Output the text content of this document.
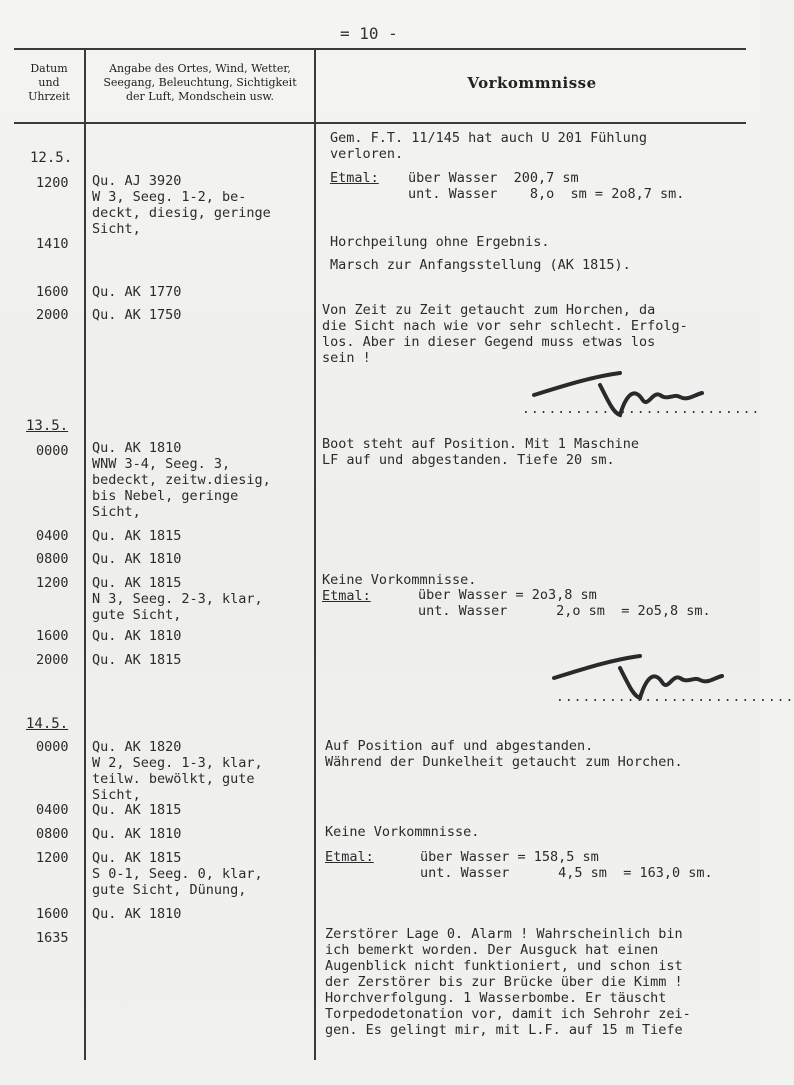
= 10 -
Datum
und
Uhrzeit
Angabe des Ortes, Wind, Wetter,
Seegang, Beleuchtung, Sichtigkeit
der Luft, Mondschein usw.
Vorkommnisse
12.5.
13.5.
14.5.
1200
1410
1600
2000
0000
0400
0800
1200
1600
2000
0000
0400
0800
1200
1600
1635
Qu. AJ 3920
W 3, Seeg. 1-2, be-
deckt, diesig, geringe
Sicht,
Qu. AK 1770
Qu. AK 1750
Qu. AK 1810
WNW 3-4, Seeg. 3,
bedeckt, zeitw.diesig,
bis Nebel, geringe
Sicht,
Qu. AK 1815
Qu. AK 1810
Qu. AK 1815
N 3, Seeg. 2-3, klar,
gute Sicht,
Qu. AK 1810
Qu. AK 1815
Qu. AK 1820
W 2, Seeg. 1-3, klar,
teilw. bewölkt, gute
Sicht,
Qu. AK 1815
Qu. AK 1810
Qu. AK 1815
S 0-1, Seeg. 0, klar,
gute Sicht, Dünung,
Qu. AK 1810
Gem. F.T. 11/145 hat auch U 201 Fühlung
verloren.
Etmal: über Wasser  200,7 sm
unt. Wasser    8,o  sm = 2o8,7 sm.
Horchpeilung ohne Ergebnis.
Marsch zur Anfangsstellung (AK 1815).
Von Zeit zu Zeit getaucht zum Horchen, da
die Sicht nach wie vor sehr schlecht. Erfolg-
los. Aber in dieser Gegend muss etwas los
sein !
...........................
Boot steht auf Position. Mit 1 Maschine
LF auf und abgestanden. Tiefe 20 sm.
Keine Vorkommnisse.
Etmal:	über Wasser = 2o3,8 sm
unt. Wasser      2,o sm  = 2o5,8 sm.
...........................
Auf Position auf und abgestanden.
Während der Dunkelheit getaucht zum Horchen.
Keine Vorkommnisse.
Etmal:	über Wasser = 158,5 sm
unt. Wasser      4,5 sm  = 163,0 sm.
Zerstörer Lage 0. Alarm ! Wahrscheinlich bin
ich bemerkt worden. Der Ausguck hat einen
Augenblick nicht funktioniert, und schon ist
der Zerstörer bis zur Brücke über die Kimm !
Horchverfolgung. 1 Wasserbombe. Er täuscht
Torpedodetonation vor, damit ich Sehrohr zei-
gen. Es gelingt mir, mit L.F. auf 15 m Tiefe
